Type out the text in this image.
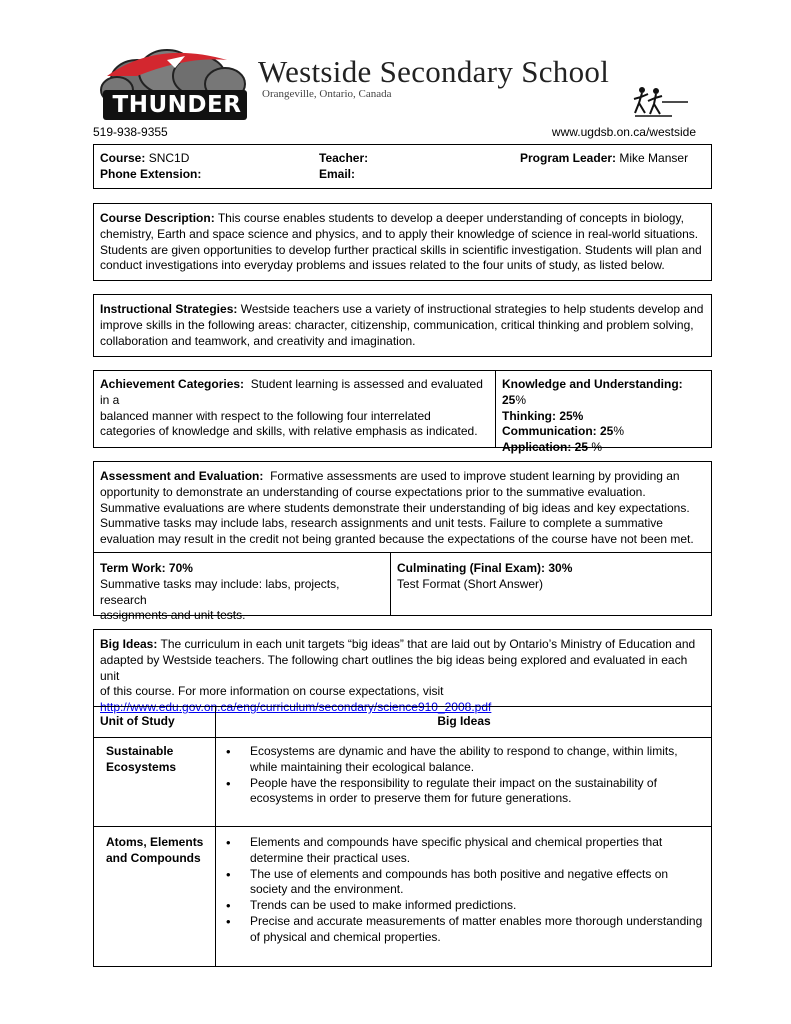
THUNDER
Westside Secondary School
Orangeville, Ontario, Canada
519-938-9355	www.ugdsb.on.ca/westside
Course: SNC1D	Teacher:	Program Leader: Mike Manser
Phone Extension:	Email:
Course Description: This course enables students to develop a deeper understanding of concepts in biology,
chemistry, Earth and space science and physics, and to apply their knowledge of science in real-world situations.
Students are given opportunities to develop further practical skills in scientific investigation. Students will plan and
conduct investigations into everyday problems and issues related to the four units of study, as listed below.
Instructional Strategies: Westside teachers use a variety of instructional strategies to help students develop and
improve skills in the following areas: character, citizenship, communication, critical thinking and problem solving,
collaboration and teamwork, and creativity and imagination.
Achievement Categories: Student learning is assessed and evaluated in a
balanced manner with respect to the following four interrelated
categories of knowledge and skills, with relative emphasis as indicated.
Knowledge and Understanding: 25%
Thinking: 25%
Communication: 25%
Application: 25 %
Assessment and Evaluation: Formative assessments are used to improve student learning by providing an
opportunity to demonstrate an understanding of course expectations prior to the summative evaluation.
Summative evaluations are where students demonstrate their understanding of big ideas and key expectations.
Summative tasks may include labs, research assignments and unit tests. Failure to complete a summative
evaluation may result in the credit not being granted because the expectations of the course have not been met.
Term Work: 70%
Summative tasks may include: labs, projects, research
assignments and unit tests.
Culminating (Final Exam): 30%
Test Format (Short Answer)
Big Ideas: The curriculum in each unit targets “big ideas” that are laid out by Ontario’s Ministry of Education and
adapted by Westside teachers. The following chart outlines the big ideas being explored and evaluated in each unit
of this course. For more information on course expectations, visit
http://www.edu.gov.on.ca/eng/curriculum/secondary/science910_2008.pdf
Unit of Study	Big Ideas
Sustainable
Ecosystems
• Ecosystems are dynamic and have the ability to respond to change, within limits,
while maintaining their ecological balance.
• People have the responsibility to regulate their impact on the sustainability of
ecosystems in order to preserve them for future generations.
Atoms, Elements
and Compounds
• Elements and compounds have specific physical and chemical properties that
determine their practical uses.
• The use of elements and compounds has both positive and negative effects on
society and the environment.
• Trends can be used to make informed predictions.
• Precise and accurate measurements of matter enables more thorough understanding
of physical and chemical properties.
